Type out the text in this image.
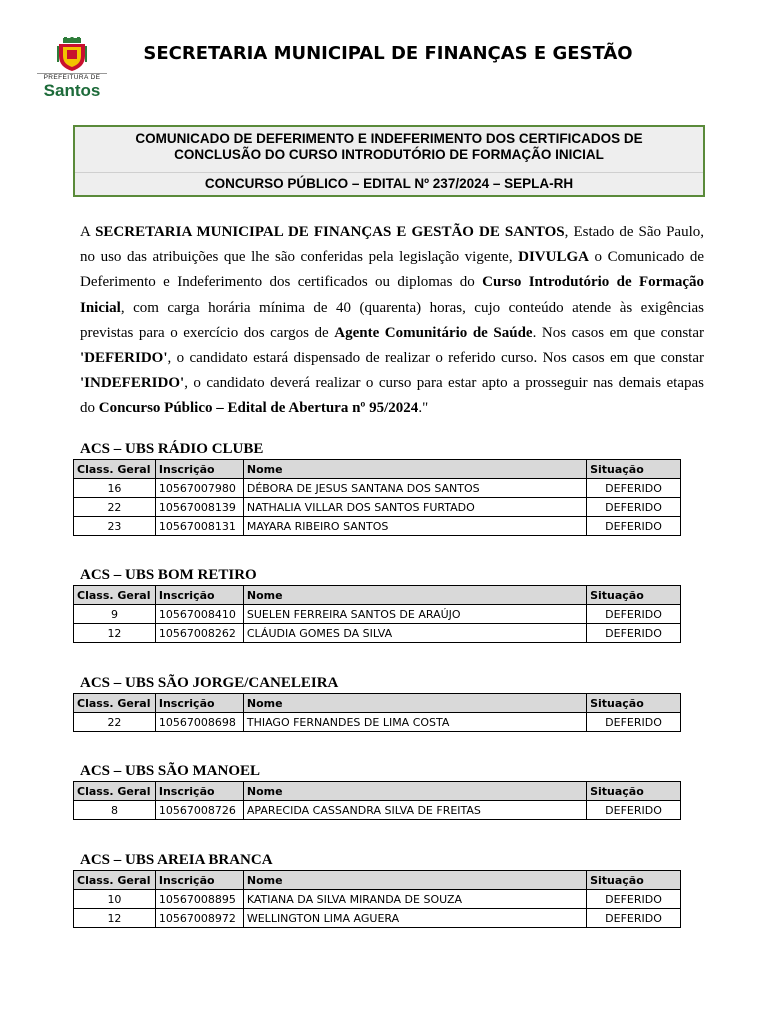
PREFEITURA DE
Santos
SECRETARIA MUNICIPAL DE FINANÇAS E GESTÃO
COMUNICADO DE DEFERIMENTO E INDEFERIMENTO DOS CERTIFICADOS DE
CONCLUSÃO DO CURSO INTRODUTÓRIO DE FORMAÇÃO INICIAL
CONCURSO PÚBLICO – EDITAL Nº 237/2024 – SEPLA-RH
A SECRETARIA MUNICIPAL DE FINANÇAS E GESTÃO DE SANTOS, Estado de São Paulo,
no uso das atribuições que lhe são conferidas pela legislação vigente, DIVULGA o Comunicado de
Deferimento e Indeferimento dos certificados ou diplomas do Curso Introdutório de Formação
Inicial, com carga horária mínima de 40 (quarenta) horas, cujo conteúdo atende às exigências
previstas para o exercício dos cargos de Agente Comunitário de Saúde. Nos casos em que constar
'DEFERIDO', o candidato estará dispensado de realizar o referido curso. Nos casos em que constar
'INDEFERIDO', o candidato deverá realizar o curso para estar apto a prosseguir nas demais etapas
do Concurso Público – Edital de Abertura nº 95/2024."
ACS – UBS RÁDIO CLUBE
Class. Geral	Inscrição	Nome	Situação
16	10567007980	DÉBORA DE JESUS SANTANA DOS SANTOS	DEFERIDO
22	10567008139	NATHALIA VILLAR DOS SANTOS FURTADO	DEFERIDO
23	10567008131	MAYARA RIBEIRO SANTOS	DEFERIDO
ACS – UBS BOM RETIRO
Class. Geral	Inscrição	Nome	Situação
9	10567008410	SUELEN FERREIRA SANTOS DE ARAÚJO	DEFERIDO
12	10567008262	CLÁUDIA GOMES DA SILVA	DEFERIDO
ACS – UBS SÃO JORGE/CANELEIRA
Class. Geral	Inscrição	Nome	Situação
22	10567008698	THIAGO FERNANDES DE LIMA COSTA	DEFERIDO
ACS – UBS SÃO MANOEL
Class. Geral	Inscrição	Nome	Situação
8	10567008726	APARECIDA CASSANDRA SILVA DE FREITAS	DEFERIDO
ACS – UBS AREIA BRANCA
Class. Geral	Inscrição	Nome	Situação
10	10567008895	KATIANA DA SILVA MIRANDA DE SOUZA	DEFERIDO
12	10567008972	WELLINGTON LIMA AGUERA	DEFERIDO
